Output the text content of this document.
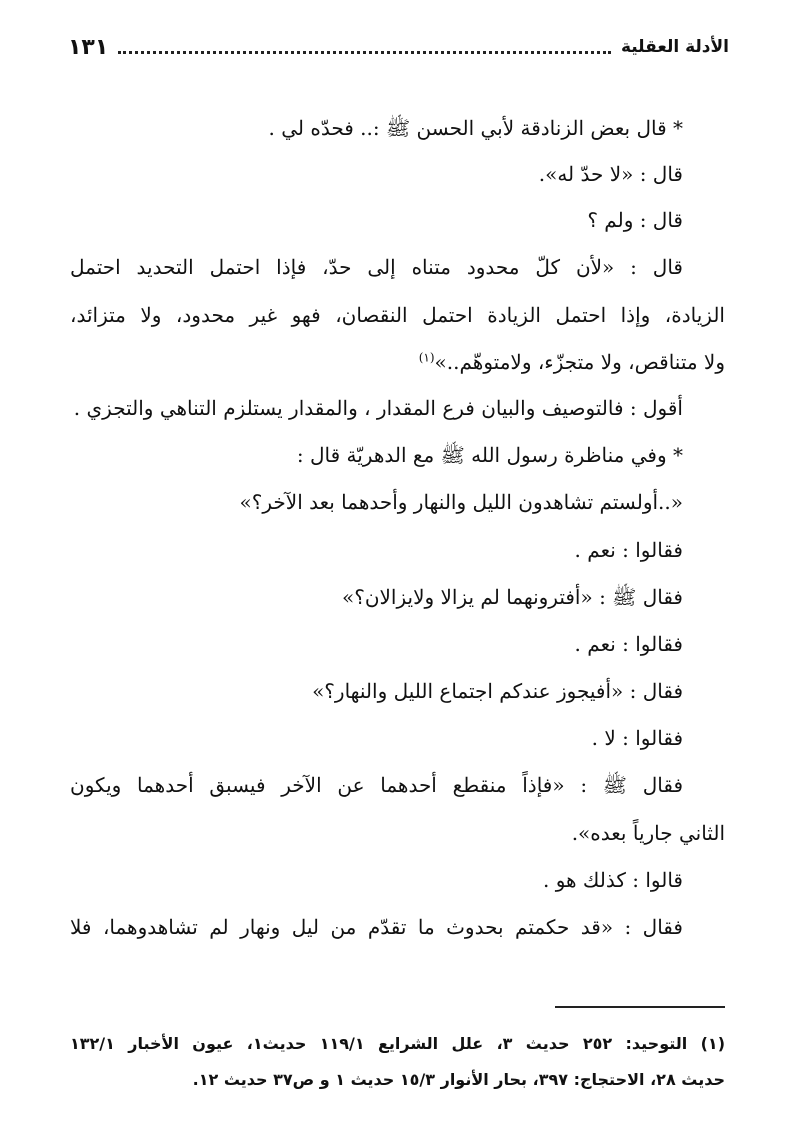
الأدلة العقلية
١٣١
* قال بعض الزنادقة لأبي الحسن ﷺ :.. فحدّه لي .
قال : «لا حدّ له».
قال : ولم ؟
قال : «لأن كلّ محدود متناه إلى حدّ، فإذا احتمل التحديد احتمل
الزيادة، وإذا احتمل الزيادة احتمل النقصان، فهو غير محدود، ولا متزائد،
ولا متناقص، ولا متجزّء، ولامتوهّم..»$^{(١)}$
أقول : فالتوصيف والبيان فرع المقدار ، والمقدار يستلزم التناهي والتجزي .
* وفي مناظرة رسول الله ﷺ مع الدهريّة قال :
«..أولستم تشاهدون الليل والنهار وأحدهما بعد الآخر؟»
فقالوا : نعم .
فقال ﷺ : «أفترونهما لم يزالا ولايزالان؟»
فقالوا : نعم .
فقال : «أفيجوز عندكم اجتماع الليل والنهار؟»
فقالوا : لا .
فقال ﷺ : «فإذاً منقطع أحدهما عن الآخر فيسبق أحدهما ويكون
الثاني جارياً بعده».
قالوا : كذلك هو .
فقال : «قد حكمتم بحدوث ما تقدّم من ليل ونهار لم تشاهدوهما، فلا
(١) التوحيد: ٢٥٢ حديث ٣، علل الشرايع ١١٩/١ حديث١، عيون الأخبار ١٣٢/١
حديث ٢٨، الاحتجاج: ٣٩٧، بحار الأنوار ١٥/٣ حديث ١ و ص٣٧ حديث ١٢.
